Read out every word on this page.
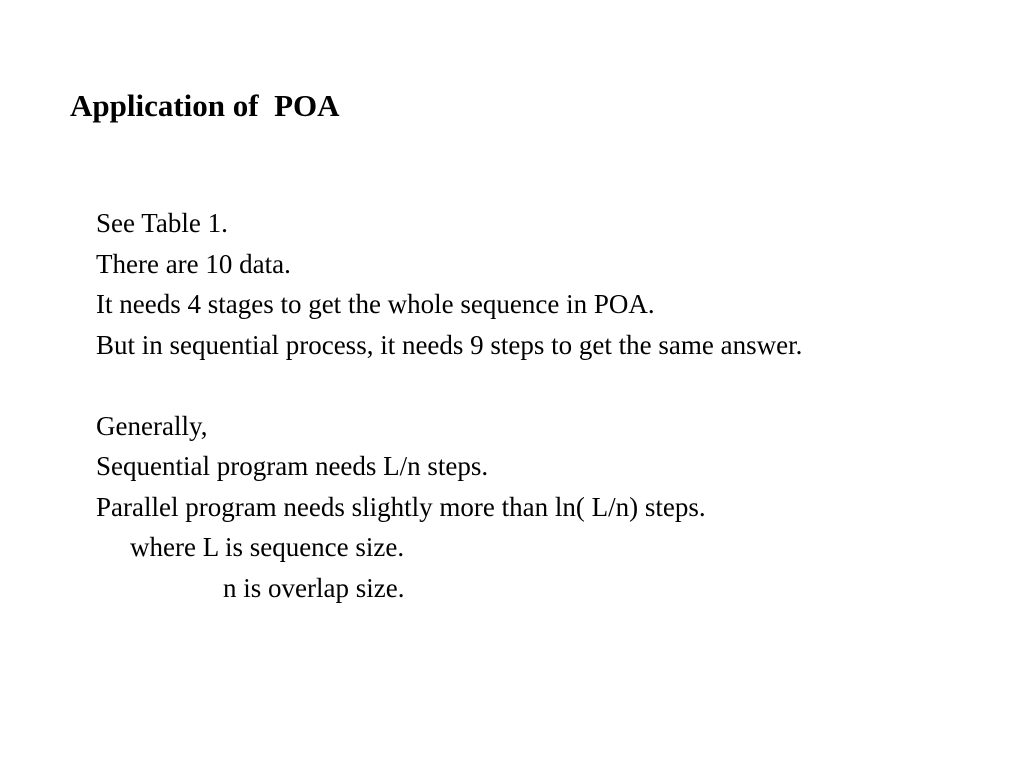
Application of  POA
See Table 1.
There are 10 data.
It needs 4 stages to get the whole sequence in POA.
But in sequential process, it needs 9 steps to get the same answer.
Generally,
Sequential program needs L/n steps.
Parallel program needs slightly more than ln( L/n) steps.
where L is sequence size.
n is overlap size.
